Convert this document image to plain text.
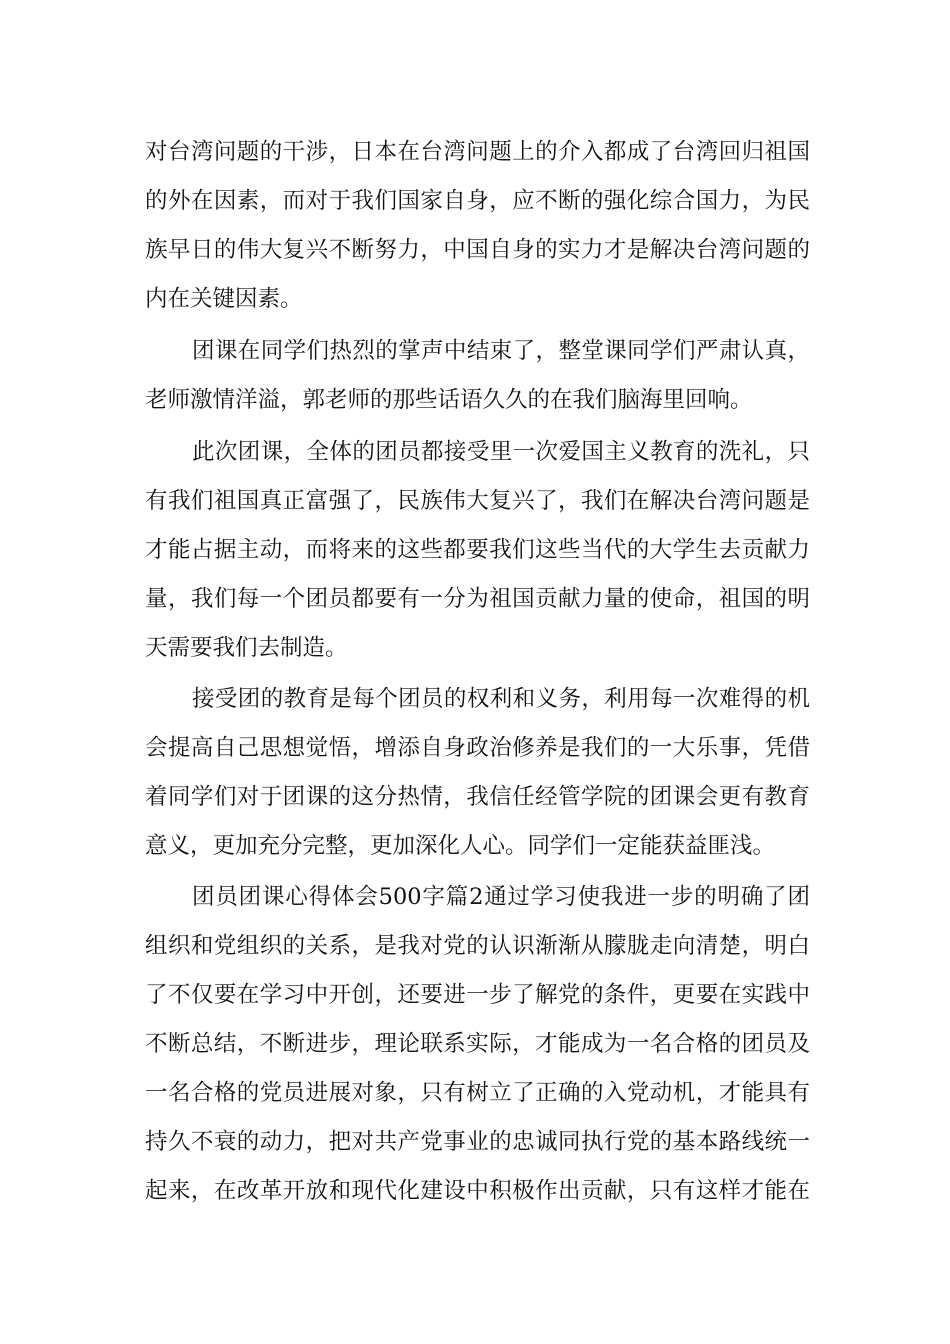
对台湾问题的干涉，日本在台湾问题上的介入都成了台湾回归祖国
的外在因素，而对于我们国家自身，应不断的强化综合国力，为民
族早日的伟大复兴不断努力，中国自身的实力才是解决台湾问题的
内在关键因素。
团课在同学们热烈的掌声中结束了，整堂课同学们严肃认真，
老师激情洋溢，郭老师的那些话语久久的在我们脑海里回响。
此次团课，全体的团员都接受里一次爱国主义教育的洗礼，只
有我们祖国真正富强了，民族伟大复兴了，我们在解决台湾问题是
才能占据主动，而将来的这些都要我们这些当代的大学生去贡献力
量，我们每一个团员都要有一分为祖国贡献力量的使命，祖国的明
天需要我们去制造。
接受团的教育是每个团员的权利和义务，利用每一次难得的机
会提高自己思想觉悟，增添自身政治修养是我们的一大乐事，凭借
着同学们对于团课的这分热情，我信任经管学院的团课会更有教育
意义，更加充分完整，更加深化人心。同学们一定能获益匪浅。
团员团课心得体会500字篇2通过学习使我进一步的明确了团
组织和党组织的关系，是我对党的认识渐渐从朦胧走向清楚，明白
了不仅要在学习中开创，还要进一步了解党的条件，更要在实践中
不断总结，不断进步，理论联系实际，才能成为一名合格的团员及
一名合格的党员进展对象，只有树立了正确的入党动机，才能具有
持久不衰的动力，把对共产党事业的忠诚同执行党的基本路线统一
起来，在改革开放和现代化建设中积极作出贡献，只有这样才能在
